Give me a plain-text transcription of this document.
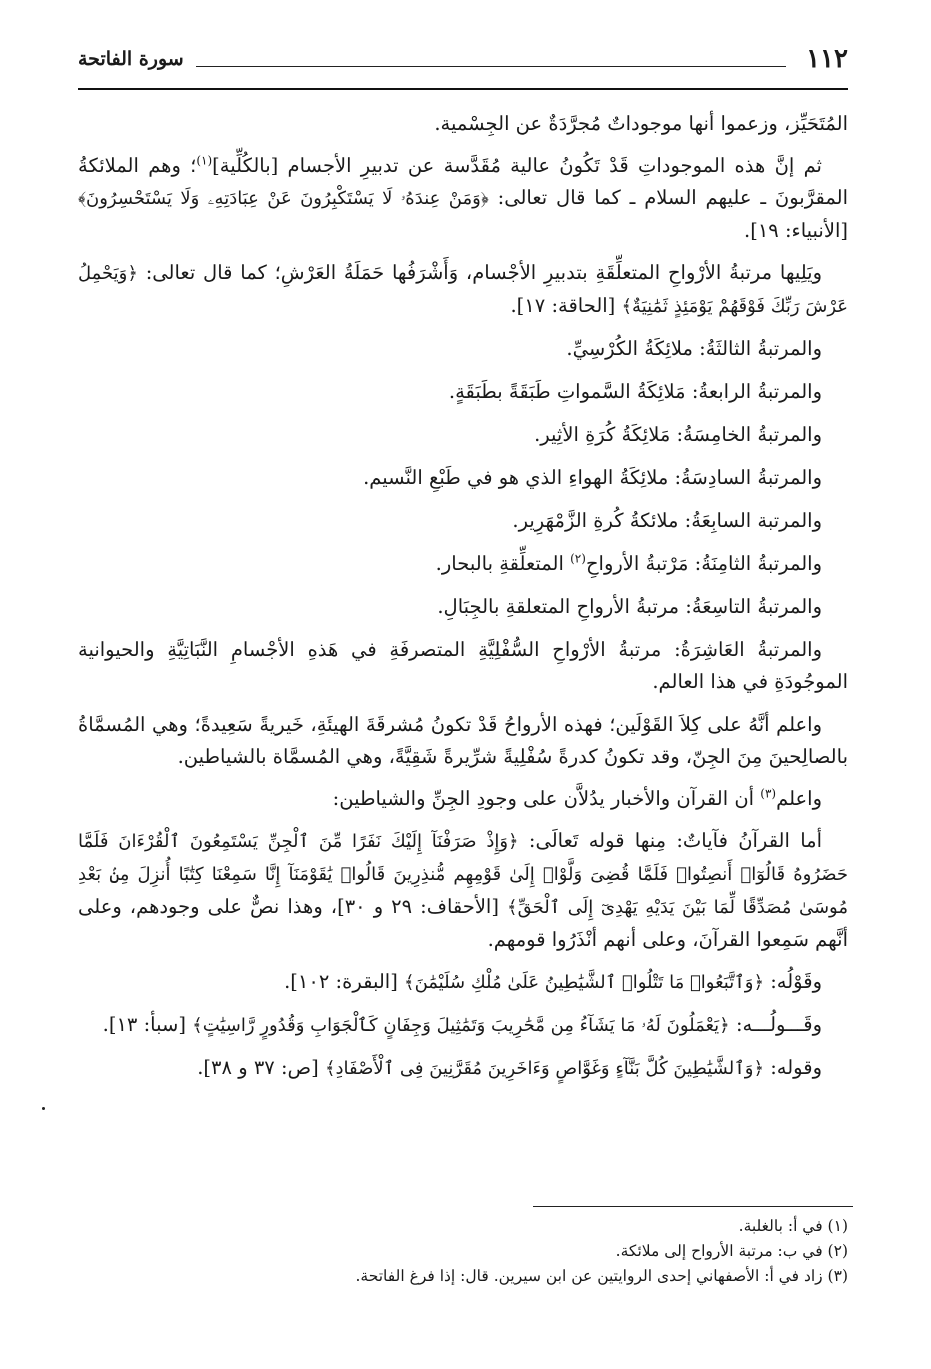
١١٢
سورة الفاتحة

المُتَحَيِّز، وزعموا أنها موجوداتٌ مُجرَّدَةٌ عن الجِسْمية.

ثم إنَّ هذه الموجوداتِ قَدْ تَكُونُ عالية مُقَدَّسة عن تدبيرِ الأجسام [بالكُلِّية]$^{(١)}$؛ وهم الملائكةُ المقرَّبونَ ـ عليهم السلام ـ كما قال تعالى: ﴿وَمَنْ عِندَهُۥ لَا يَسْتَكْبِرُونَ عَنْ عِبَادَتِهِۦ وَلَا يَسْتَحْسِرُونَ﴾ [الأنبياء: ١٩].

ويَلِيها مرتبةُ الأرْواحِ المتعلِّقَةِ بتدبيرِ الأجْسام، وَأَشْرَفُها حَمَلَةُ العَرْشِ؛ كما قال تعالى: ﴿وَيَحْمِلُ عَرْشَ رَبِّكَ فَوْقَهُمْ يَوْمَئِذٍ ثَمَٰنِيَةٌ﴾ [الحاقة: ١٧].

والمرتبةُ الثالثَةُ: ملائِكَةُ الكُرْسِيِّ.

والمرتبةُ الرابعةُ: مَلائِكَةُ السَّمواتِ طَبَقَةً بطَبَقَةٍ.

والمرتبةُ الخامِسَةُ: مَلائِكَةُ كُرَةِ الأثِير.

والمرتبةُ السادِسَةُ: ملائِكَةُ الهواءِ الذي هو في طَبْعِ النَّسيم.

والمرتبة السابِعَةُ: ملائكةُ كُرةِ الزَّمْهَرِير.

والمرتبةُ الثامِنَةُ: مَرْتبةُ الأرواحِ$^{(٢)}$ المتعلِّقةِ بالبحار.

والمرتبةُ التاسِعَةُ: مرتبةُ الأرواحِ المتعلقةِ بالجِبَالِ.

والمرتبةُ العَاشِرَةُ: مرتبةُ الأرْواحِ السُّفْلِيَّةِ المتصرفَةِ في هَذهِ الأجْسامِ النَّبَاتِيَّةِ والحيوانية الموجُودَةِ في هذا العالم.

واعلم أنَّهُ على كِلاَ القَوْلَين؛ فهذه الأرواحُ قَدْ تكونُ مُشرقَةَ الهيئَةِ، خَيريةً سَعِيدةً؛ وهي المُسمَّاةُ بالصالِحينَ مِنَ الجِنّ، وقد تكونُ كدرةً سُفْلِيةً شرِّيرةً شَقِيَّةً، وهي المُسمَّاة بالشياطين.

واعلم$^{(٣)}$ أن القرآن والأخبار يدُلاَّن على وجودِ الجِنِّ والشياطين:

أما القرآنُ فآياتٌ: مِنها قوله تَعالَى: ﴿وَإِذْ صَرَفْنَآ إِلَيْكَ نَفَرًا مِّنَ ٱلْجِنِّ يَسْتَمِعُونَ ٱلْقُرْءَانَ فَلَمَّا حَضَرُوهُ قَالُوٓا۟ أَنصِتُوا۟ فَلَمَّا قُضِىَ وَلَّوْا۟ إِلَىٰ قَوْمِهِم مُّنذِرِينَ قَالُوا۟ يَٰقَوْمَنَآ إِنَّا سَمِعْنَا كِتَٰبًا أُنزِلَ مِنۢ بَعْدِ مُوسَىٰ مُصَدِّقًا لِّمَا بَيْنَ يَدَيْهِ يَهْدِىٓ إِلَى ٱلْحَقِّ﴾ [الأحقاف: ٢٩ و ٣٠]، وهذا نصٌّ على وجودهم، وعلى أنَّهم سَمِعوا القرآنَ، وعلى أنهم أنْذَرُوا قومهم.

وقَوْلُه: ﴿وَٱتَّبَعُوا۟ مَا تَتْلُوا۟ ٱلشَّيَٰطِينُ عَلَىٰ مُلْكِ سُلَيْمَٰنَ﴾ [البقرة: ١٠٢].

وقَـــولُـــه: ﴿يَعْمَلُونَ لَهُۥ مَا يَشَآءُ مِن مَّحَٰرِيبَ وَتَمَٰثِيلَ وَجِفَانٍ كَٱلْجَوَابِ وَقُدُورٍ رَّاسِيَٰتٍ﴾ [سبأ: ١٣].

وقوله: ﴿وَٱلشَّيَٰطِينَ كُلَّ بَنَّآءٍ وَغَوَّاصٍ وَءَاخَرِينَ مُقَرَّنِينَ فِى ٱلْأَصْفَادِ﴾ [ص: ٣٧ و ٣٨].

(١) في أ: بالغلبة.
(٢) في ب: مرتبة الأرواح إلى ملائكة.
(٣) زاد في أ: الأصفهاني إحدى الروايتين عن ابن سيرين. قال: إذا فرغ الفاتحة.
